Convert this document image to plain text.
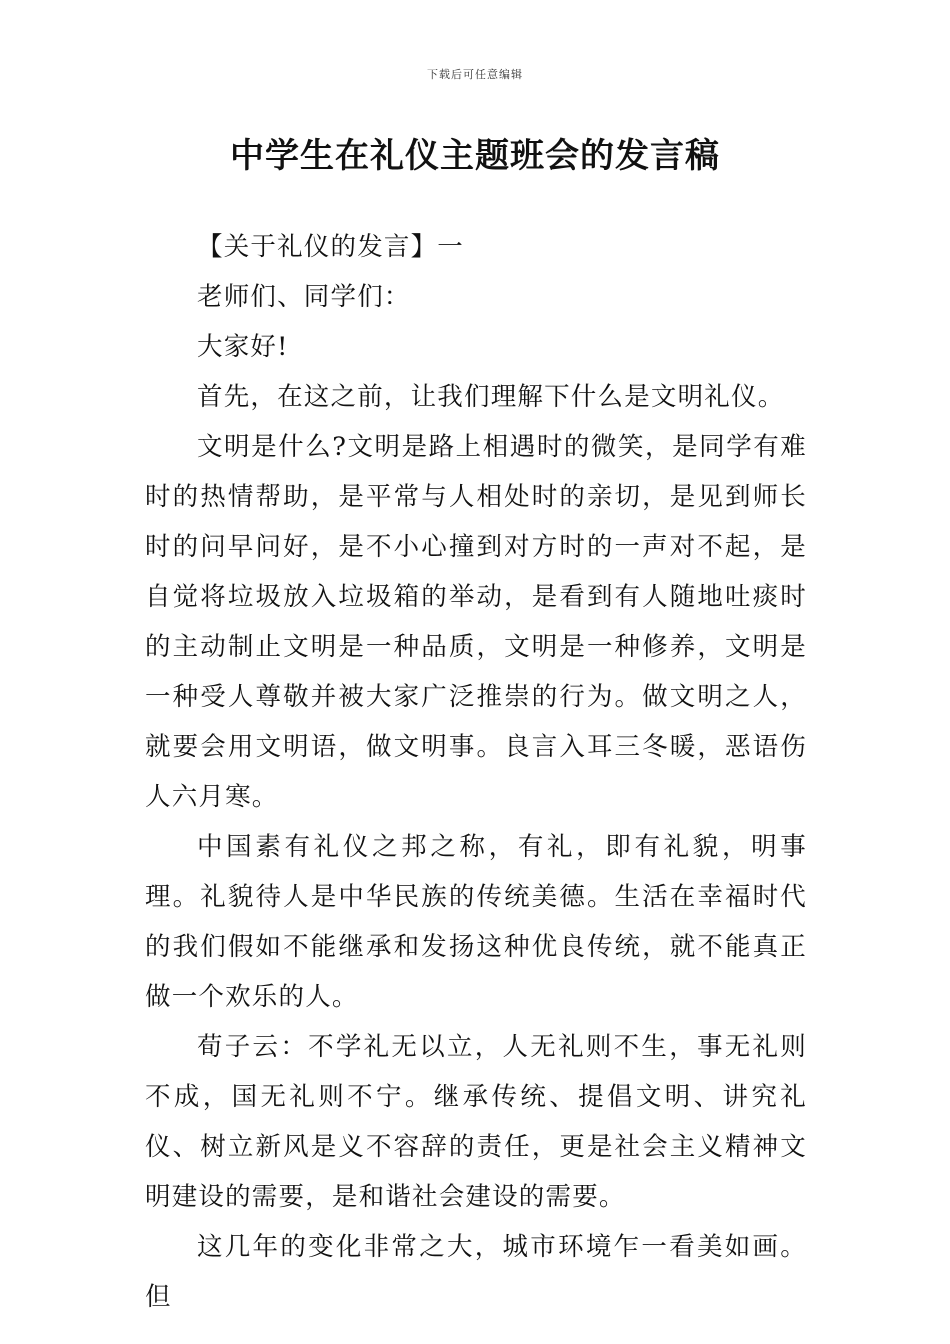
下载后可任意编辑
中学生在礼仪主题班会的发言稿

【关于礼仪的发言】一

老师们、同学们：

大家好!

首先，在这之前，让我们理解下什么是文明礼仪。

文明是什么?文明是路上相遇时的微笑，是同学有难时的热情帮助，是平常与人相处时的亲切，是见到师长时的问早问好，是不小心撞到对方时的一声对不起，是自觉将垃圾放入垃圾箱的举动，是看到有人随地吐痰时的主动制止文明是一种品质，文明是一种修养，文明是一种受人尊敬并被大家广泛推崇的行为。做文明之人，就要会用文明语，做文明事。良言入耳三冬暖，恶语伤人六月寒。

中国素有礼仪之邦之称，有礼，即有礼貌，明事理。礼貌待人是中华民族的传统美德。生活在幸福时代的我们假如不能继承和发扬这种优良传统，就不能真正做一个欢乐的人。

荀子云：不学礼无以立，人无礼则不生，事无礼则不成，国无礼则不宁。继承传统、提倡文明、讲究礼仪、树立新风是义不容辞的责任，更是社会主义精神文明建设的需要，是和谐社会建设的需要。

这几年的变化非常之大，城市环境乍一看美如画。但
